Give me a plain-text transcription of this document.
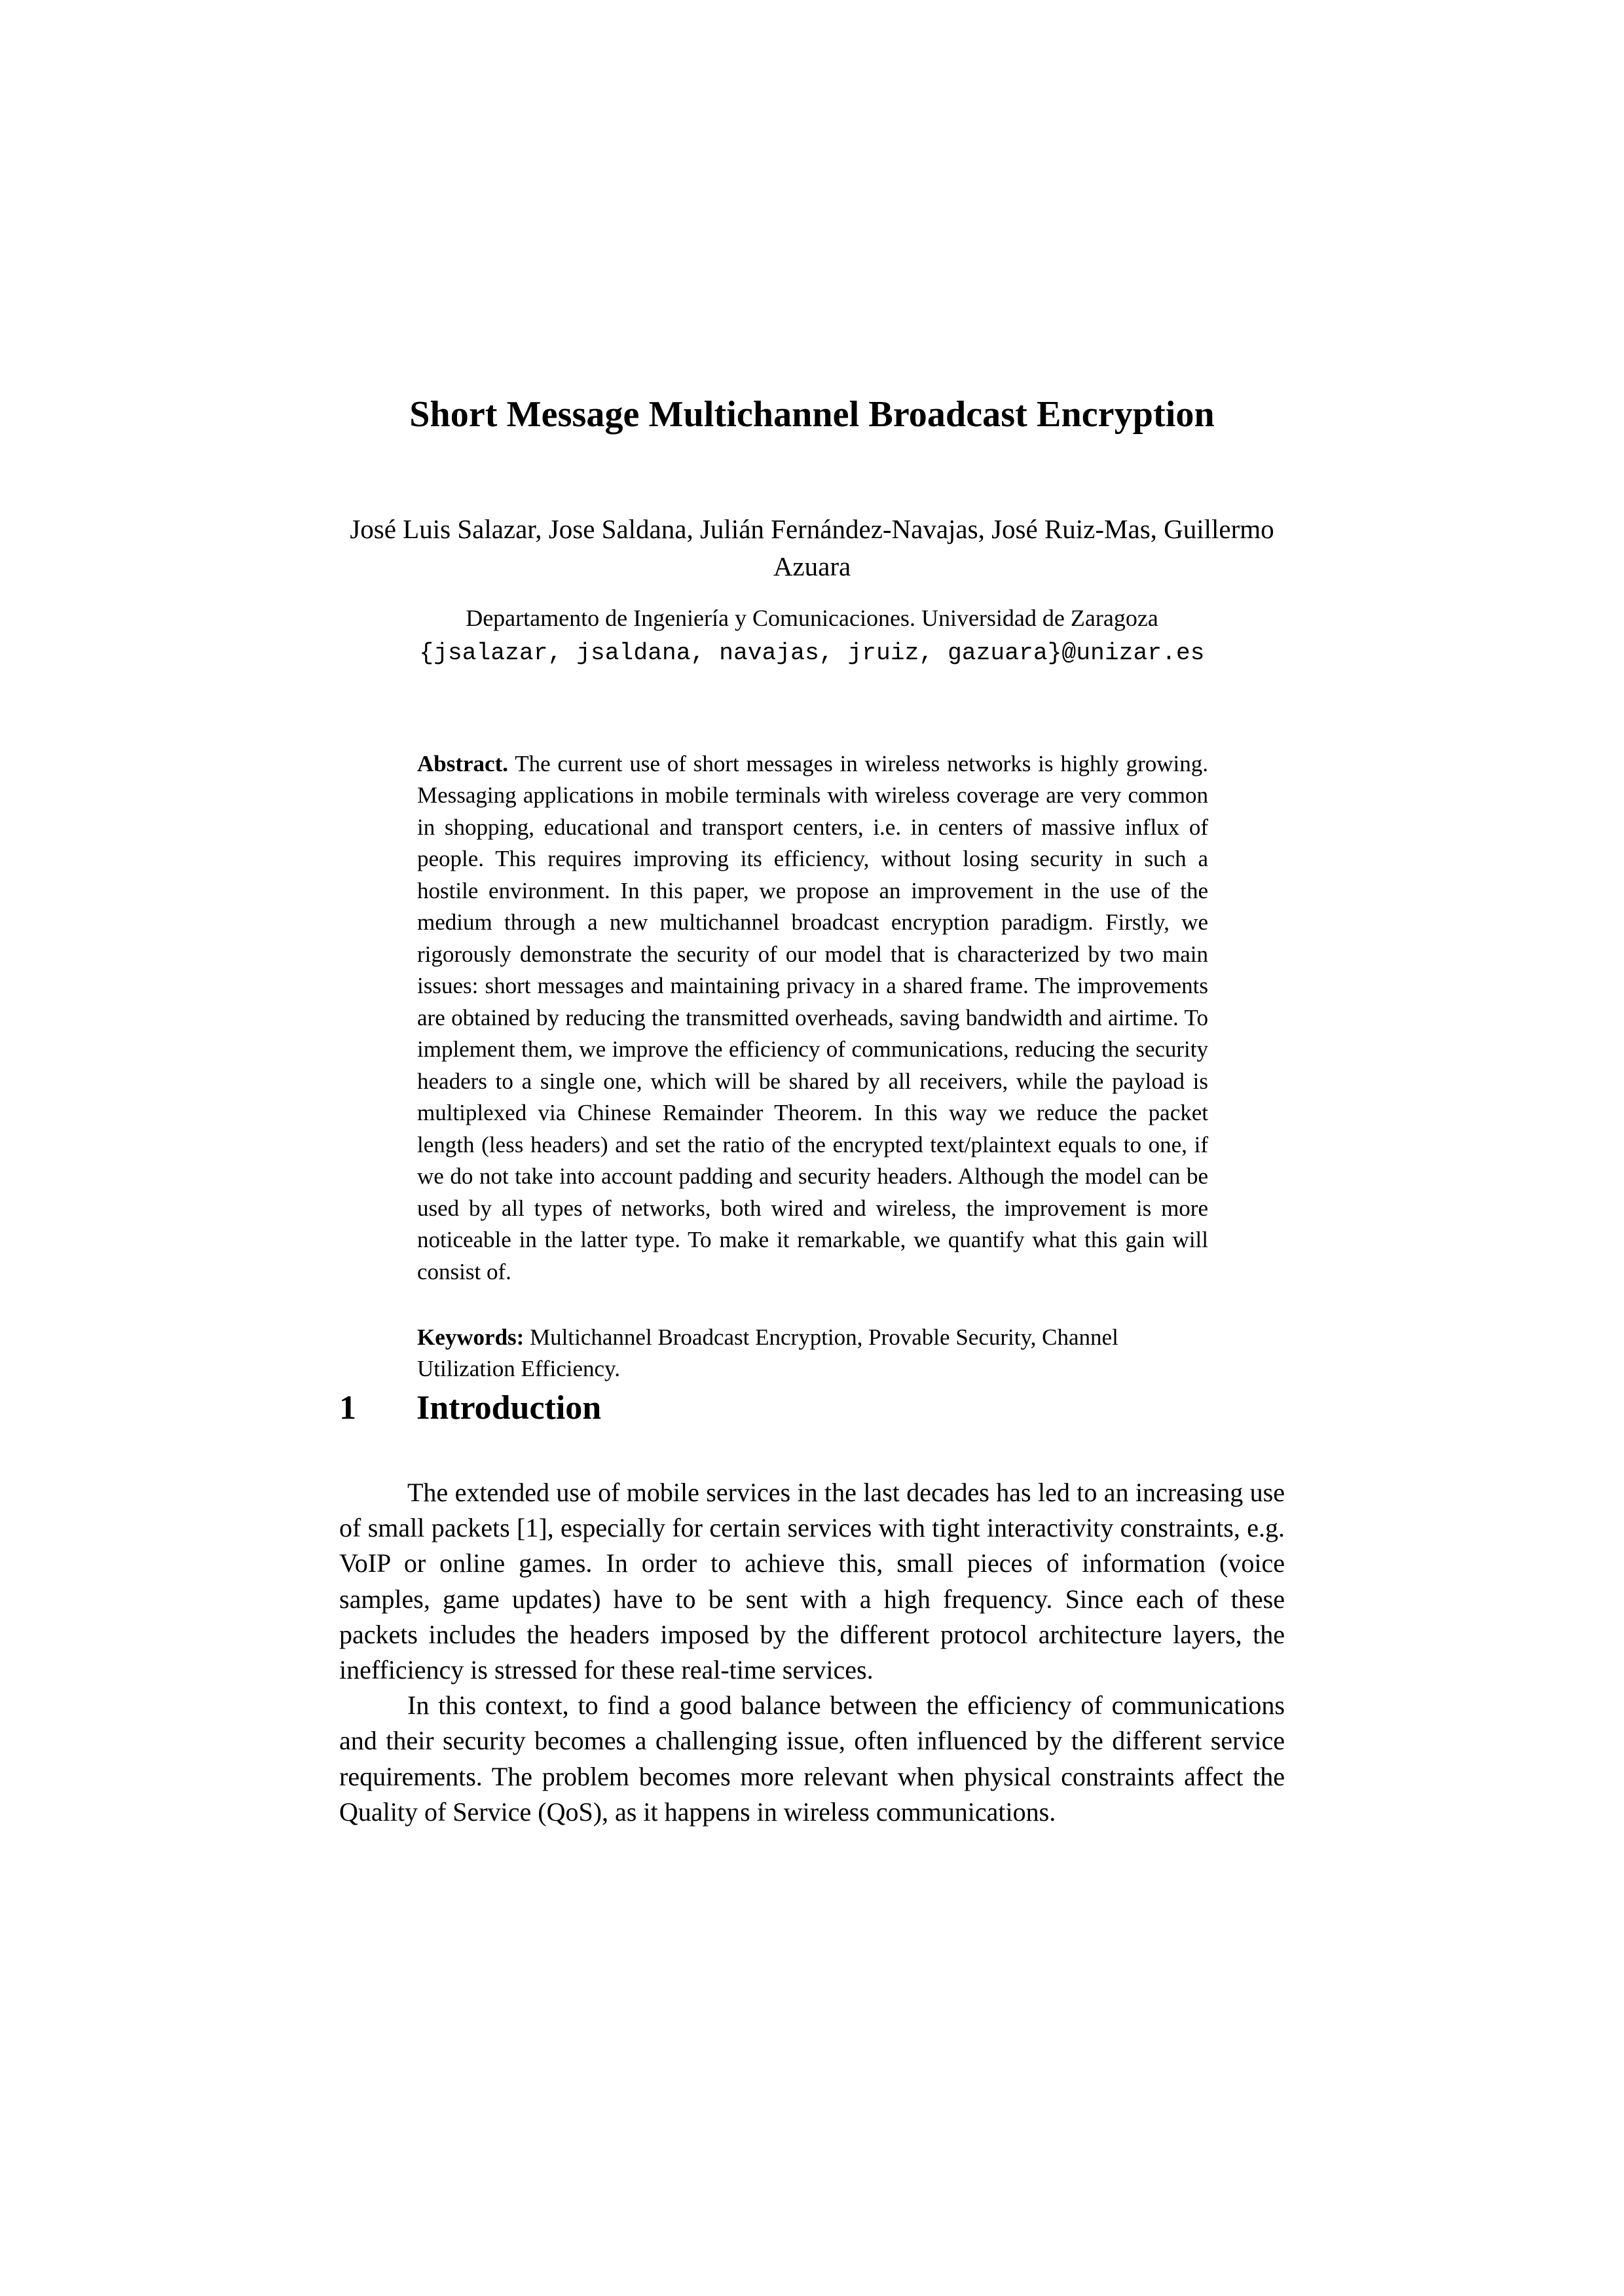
Short Message Multichannel Broadcast Encryption
José Luis Salazar, Jose Saldana, Julián Fernández-Navajas, José Ruiz-Mas, Guillermo
Azuara
Departamento de Ingeniería y Comunicaciones. Universidad de Zaragoza
{jsalazar, jsaldana, navajas, jruiz, gazuara}@unizar.es

Abstract. The current use of short messages in wireless networks is highly growing. Messaging applications in mobile terminals with wireless coverage are very common in shopping, educational and transport centers, i.e. in centers of massive influx of people. This requires improving its efficiency, without losing security in such a hostile environment. In this paper, we propose an improvement in the use of the medium through a new multichannel broadcast encryption paradigm. Firstly, we rigorously demonstrate the security of our model that is characterized by two main issues: short messages and maintaining privacy in a shared frame. The improvements are obtained by reducing the transmitted overheads, saving bandwidth and airtime. To implement them, we improve the efficiency of communications, reducing the security headers to a single one, which will be shared by all receivers, while the payload is multiplexed via Chinese Remainder Theorem. In this way we reduce the packet length (less headers) and set the ratio of the encrypted text/plaintext equals to one, if we do not take into account padding and security headers. Although the model can be used by all types of networks, both wired and wireless, the improvement is more noticeable in the latter type. To make it remarkable, we quantify what this gain will consist of.

Keywords: Multichannel Broadcast Encryption, Provable Security, Channel Utilization Efficiency.

1	Introduction

The extended use of mobile services in the last decades has led to an increasing use of small packets [1], especially for certain services with tight interactivity constraints, e.g. VoIP or online games. In order to achieve this, small pieces of information (voice samples, game updates) have to be sent with a high frequency. Since each of these packets includes the headers imposed by the different protocol architecture layers, the inefficiency is stressed for these real-time services.

In this context, to find a good balance between the efficiency of communications and their security becomes a challenging issue, often influenced by the different service requirements. The problem becomes more relevant when physical constraints affect the Quality of Service (QoS), as it happens in wireless communications.
